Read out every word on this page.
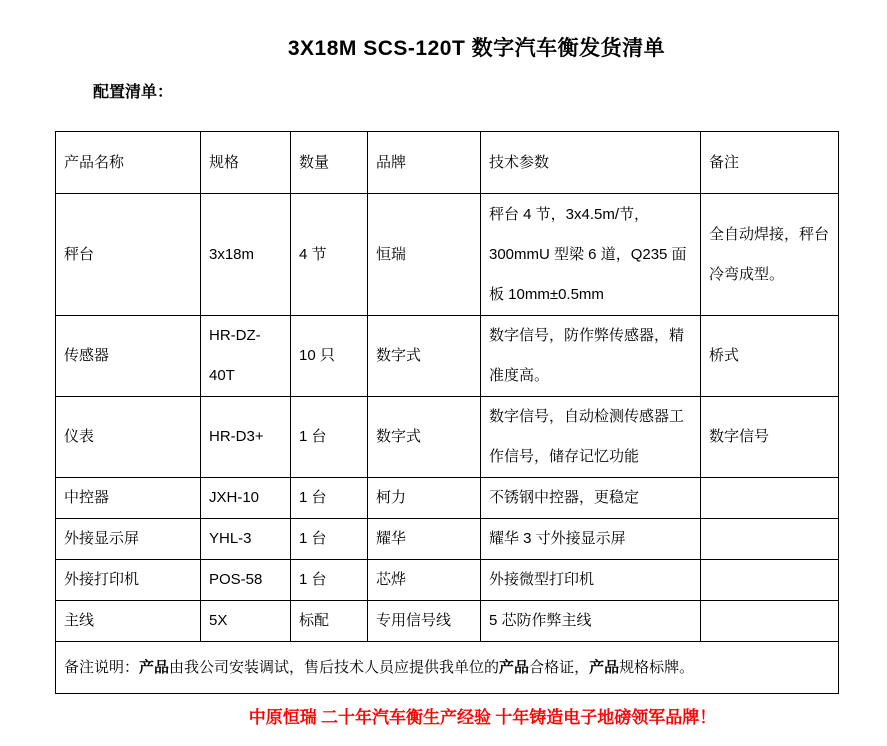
3X18M SCS-120T 数字汽车衡发货清单
配置清单：
产品名称	规格	数量	品牌	技术参数	备注
秤台	3x18m	4 节	恒瑞	秤台 4 节，3x4.5m/节，300mmU 型梁 6 道，Q235 面板 10mm±0.5mm	全自动焊接，秤台冷弯成型。
传感器	HR-DZ-40T	10 只	数字式	数字信号，防作弊传感器，精准度高。	桥式
仪表	HR-D3+	1 台	数字式	数字信号，自动检测传感器工作信号，储存记忆功能	数字信号
中控器	JXH-10	1 台	柯力	不锈钢中控器，更稳定	
外接显示屏	YHL-3	1 台	耀华	耀华 3 寸外接显示屏	
外接打印机	POS-58	1 台	芯烨	外接微型打印机	
主线	5X	标配	专用信号线	5 芯防作弊主线	
备注说明：产品由我公司安装调试，售后技术人员应提供我单位的产品合格证，产品规格标牌。					
中原恒瑞 二十年汽车衡生产经验 十年铸造电子地磅领军品牌！
